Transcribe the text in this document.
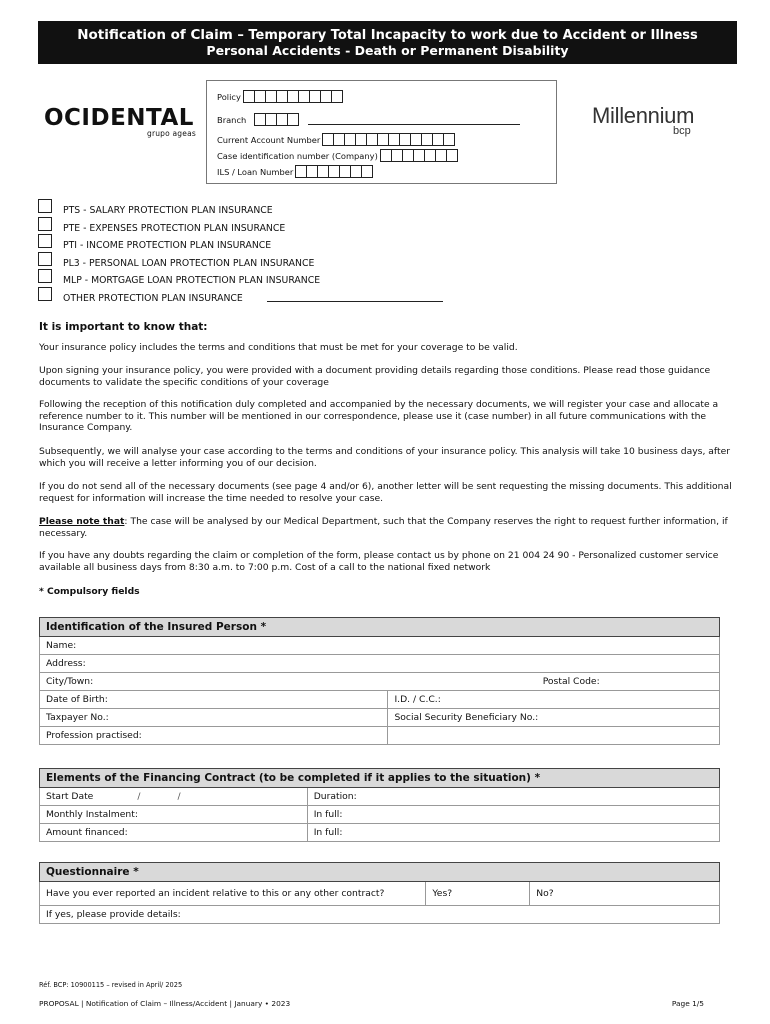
Notification of Claim – Temporary Total Incapacity to work due to Accident or Illness
Personal Accidents - Death or Permanent Disability
OCIDENTAL
grupo ageas
Millennium
bcp
Policy
Branch
Current Account Number
Case identification number (Company)
ILS / Loan Number
PTS - SALARY PROTECTION PLAN INSURANCE
PTE - EXPENSES PROTECTION PLAN INSURANCE
PTI - INCOME PROTECTION PLAN INSURANCE
PL3 - PERSONAL LOAN PROTECTION PLAN INSURANCE
MLP - MORTGAGE LOAN PROTECTION PLAN INSURANCE
OTHER PROTECTION PLAN INSURANCE
It is important to know that:
Your insurance policy includes the terms and conditions that must be met for your coverage to be valid.
Upon signing your insurance policy, you were provided with a document providing details regarding those conditions. Please read those guidance documents to validate the specific conditions of your coverage
Following the reception of this notification duly completed and accompanied by the necessary documents, we will register your case and allocate a reference number to it. This number will be mentioned in our correspondence, please use it (case number) in all future communications with the Insurance Company.
Subsequently, we will analyse your case according to the terms and conditions of your insurance policy. This analysis will take 10 business days, after which you will receive a letter informing you of our decision.
If you do not send all of the necessary documents (see page 4 and/or 6), another letter will be sent requesting the missing documents. This additional request for information will increase the time needed to resolve your case.
Please note that: The case will be analysed by our Medical Department, such that the Company reserves the right to request further information, if necessary.
If you have any doubts regarding the claim or completion of the form, please contact us by phone on 21 004 24 90 - Personalized customer service available all business days from 8:30 a.m. to 7:00 p.m. Cost of a call to the national fixed network
* Compulsory fields
Identification of the Insured Person *		
Name:		
Address:		
City/Town:		Postal Code:
Date of Birth:	I.D. / C.C.:	
Taxpayer No.:	Social Security Beneficiary No.:	
Profession practised:		
Elements of the Financing Contract (to be completed if it applies to the situation) *	
Start Date / /	Duration:
Monthly Instalment:	In full:
Amount financed:	In full:
Questionnaire *
Have you ever reported an incident relative to this or any other contract?	Yes?	No?
If yes, please provide details:
Réf. BCP: 10900115 – revised in April/ 2025
PROPOSAL | Notification of Claim – Illness/Accident | January • 2023	Page 1/5
